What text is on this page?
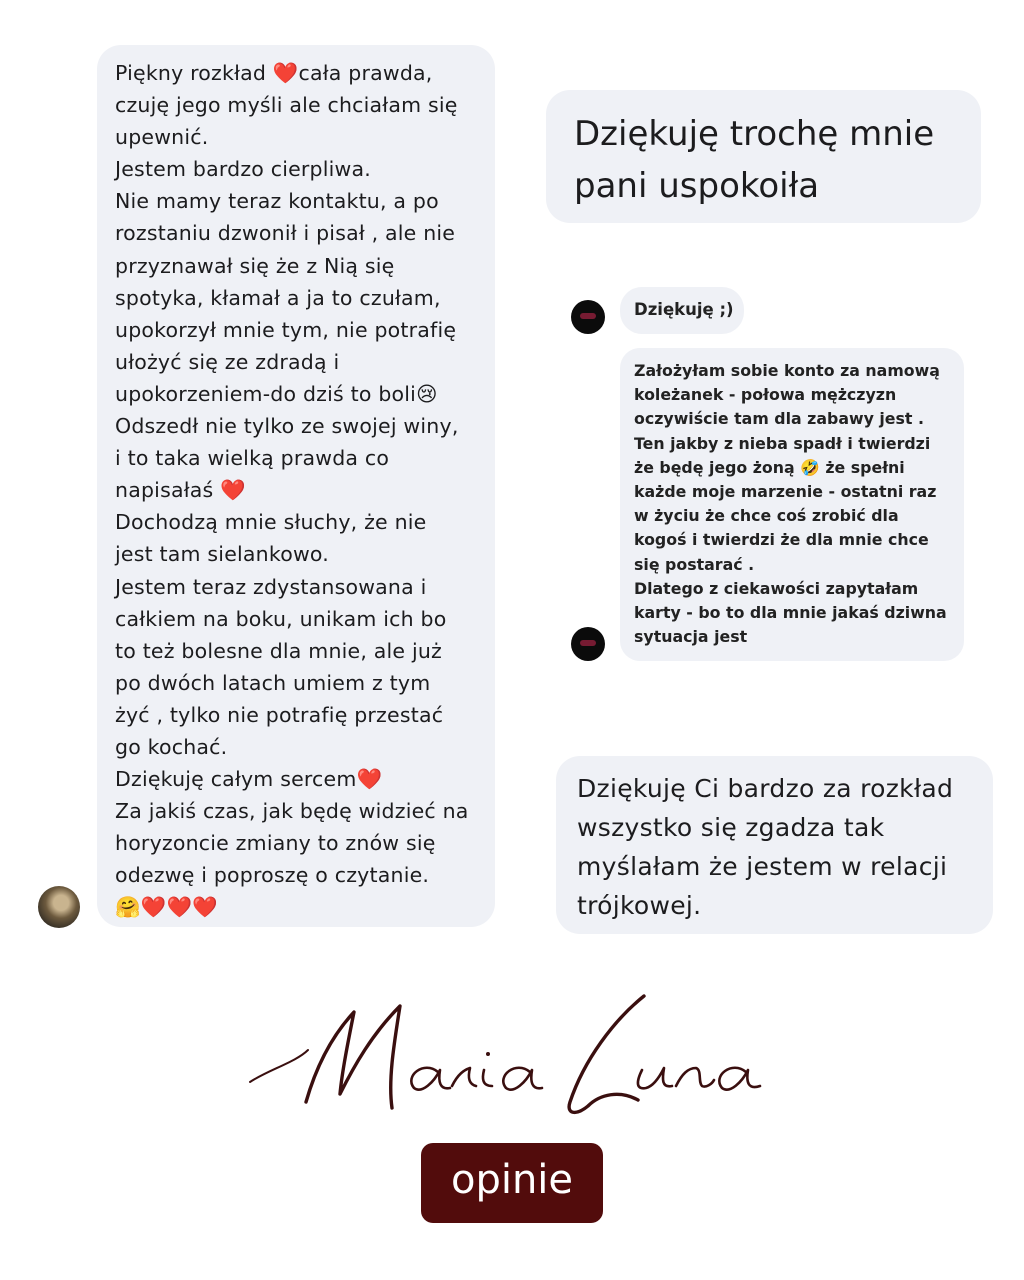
Piękny rozkład ❤️cała prawda,
czuję jego myśli ale chciałam się
upewnić.
Jestem bardzo cierpliwa.
Nie mamy teraz kontaktu, a po
rozstaniu dzwonił i pisał , ale nie
przyznawał się że z Nią się
spotyka, kłamał a ja to czułam,
upokorzył mnie tym, nie potrafię
ułożyć się ze zdradą i
upokorzeniem-do dziś to boli😢
Odszedł nie tylko ze swojej winy,
i to taka wielką prawda co
napisałaś ❤️
Dochodzą mnie słuchy, że nie
jest tam sielankowo.
Jestem teraz zdystansowana i
całkiem na boku, unikam ich bo
to też bolesne dla mnie, ale już
po dwóch latach umiem z tym
żyć , tylko nie potrafię przestać
go kochać.
Dziękuję całym sercem❤️
Za jakiś czas, jak będę widzieć na
horyzoncie zmiany to znów się
odezwę i poproszę o czytanie.
🤗❤️❤️❤️
Dziękuję trochę mnie
pani uspokoiła
Dziękuję ;)
Założyłam sobie konto za namową
koleżanek - połowa mężczyzn
oczywiście tam dla zabawy jest .
Ten jakby z nieba spadł i twierdzi
że będę jego żoną 🤣 że spełni
każde moje marzenie - ostatni raz
w życiu że chce coś zrobić dla
kogoś i twierdzi że dla mnie chce
się postarać .
Dlatego z ciekawości zapytałam
karty - bo to dla mnie jakaś dziwna
sytuacja jest
Dziękuję Ci bardzo za rozkład
wszystko się zgadza tak
myślałam że jestem w relacji
trójkowej.
opinie
